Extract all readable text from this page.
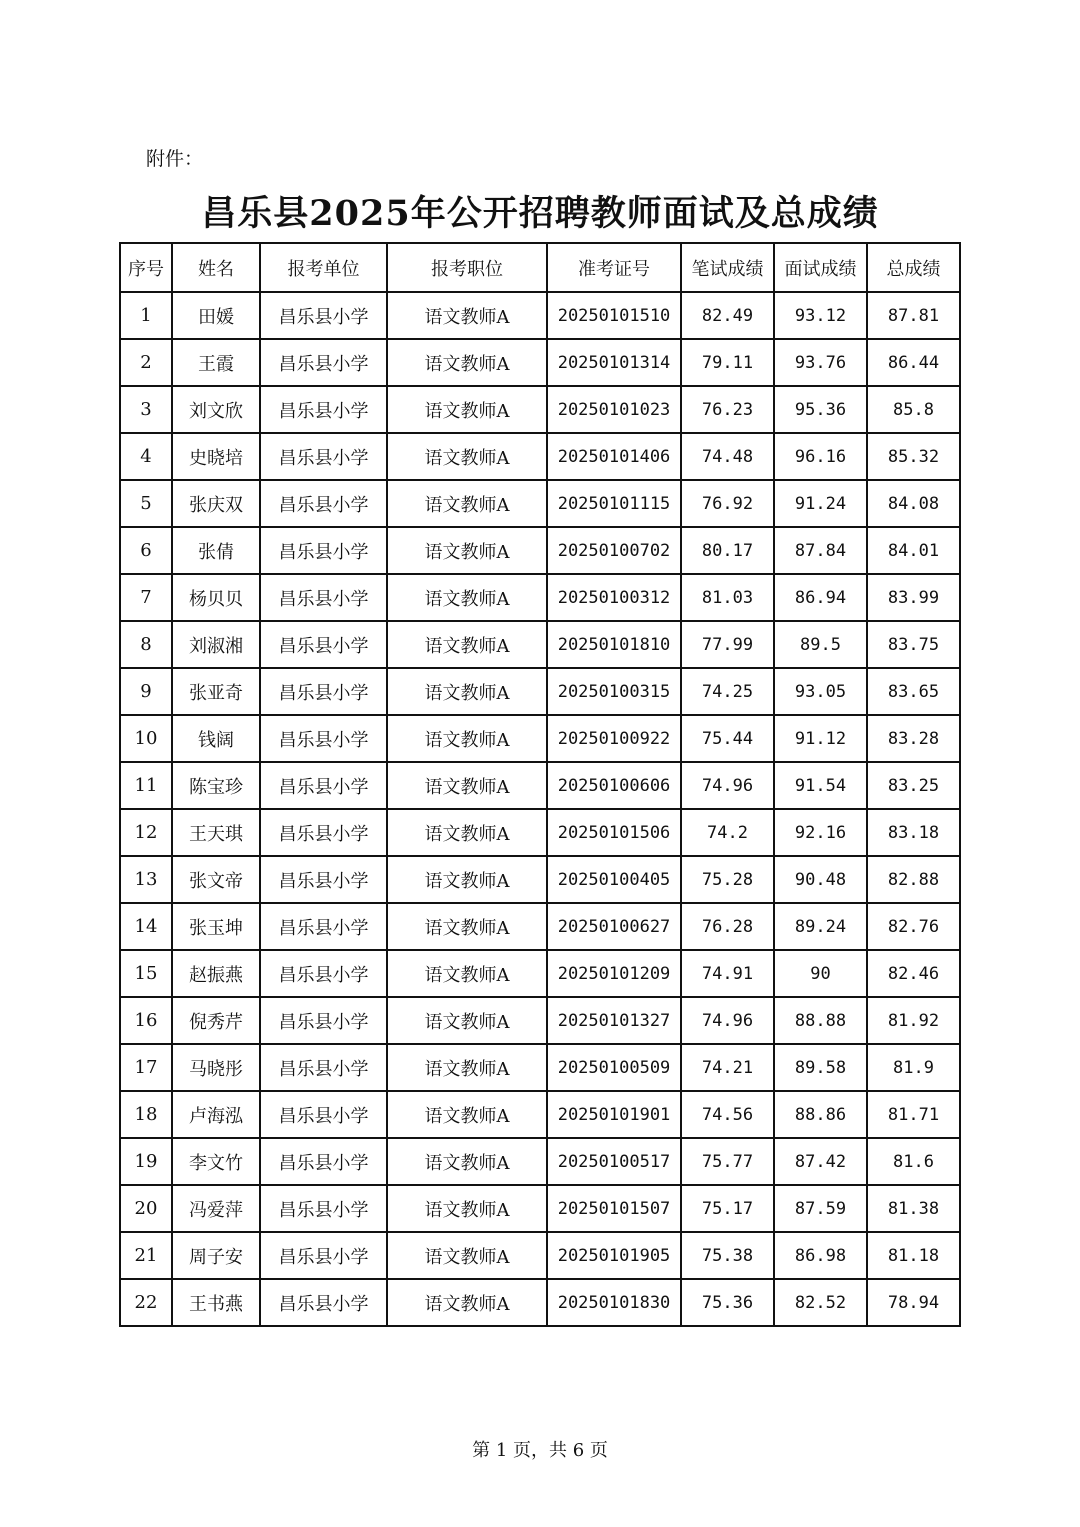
附件：
昌乐县2025年公开招聘教师面试及总成绩
序号	姓名	报考单位	报考职位	准考证号	笔试成绩	面试成绩	总成绩
1	田媛	昌乐县小学	语文教师A	20250101510	82.49	93.12	87.81
2	王霞	昌乐县小学	语文教师A	20250101314	79.11	93.76	86.44
3	刘文欣	昌乐县小学	语文教师A	20250101023	76.23	95.36	85.8
4	史晓培	昌乐县小学	语文教师A	20250101406	74.48	96.16	85.32
5	张庆双	昌乐县小学	语文教师A	20250101115	76.92	91.24	84.08
6	张倩	昌乐县小学	语文教师A	20250100702	80.17	87.84	84.01
7	杨贝贝	昌乐县小学	语文教师A	20250100312	81.03	86.94	83.99
8	刘淑湘	昌乐县小学	语文教师A	20250101810	77.99	89.5	83.75
9	张亚奇	昌乐县小学	语文教师A	20250100315	74.25	93.05	83.65
10	钱阔	昌乐县小学	语文教师A	20250100922	75.44	91.12	83.28
11	陈宝珍	昌乐县小学	语文教师A	20250100606	74.96	91.54	83.25
12	王天琪	昌乐县小学	语文教师A	20250101506	74.2	92.16	83.18
13	张文帝	昌乐县小学	语文教师A	20250100405	75.28	90.48	82.88
14	张玉坤	昌乐县小学	语文教师A	20250100627	76.28	89.24	82.76
15	赵振燕	昌乐县小学	语文教师A	20250101209	74.91	90	82.46
16	倪秀芹	昌乐县小学	语文教师A	20250101327	74.96	88.88	81.92
17	马晓彤	昌乐县小学	语文教师A	20250100509	74.21	89.58	81.9
18	卢海泓	昌乐县小学	语文教师A	20250101901	74.56	88.86	81.71
19	李文竹	昌乐县小学	语文教师A	20250100517	75.77	87.42	81.6
20	冯爱萍	昌乐县小学	语文教师A	20250101507	75.17	87.59	81.38
21	周子安	昌乐县小学	语文教师A	20250101905	75.38	86.98	81.18
22	王书燕	昌乐县小学	语文教师A	20250101830	75.36	82.52	78.94
第 1 页，共 6 页
